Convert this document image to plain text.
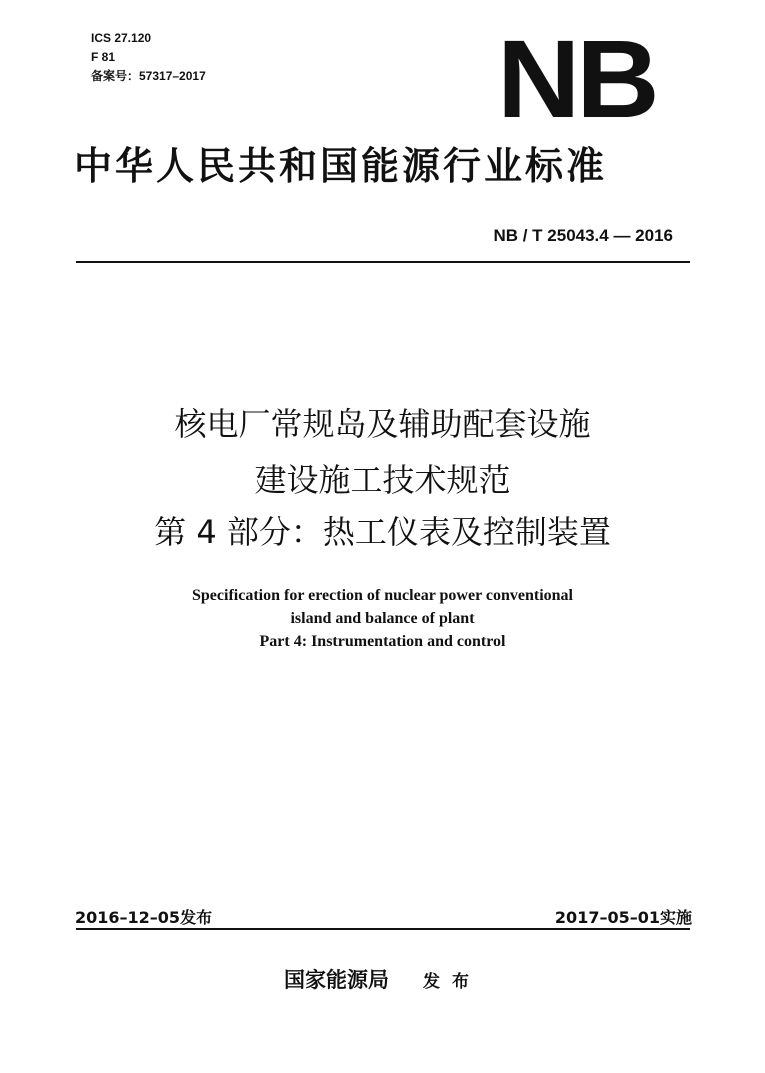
ICS 27.120
F 81
备案号：57317–2017	NB
中华人民共和国能源行业标准
NB / T 25043.4 — 2016
核电厂常规岛及辅助配套设施
建设施工技术规范
第 4 部分：热工仪表及控制装置
Specification for erection of nuclear power conventional
island and balance of plant
Part 4: Instrumentation and control
2016–12–05发布	2017–05–01实施
国家能源局 发布
